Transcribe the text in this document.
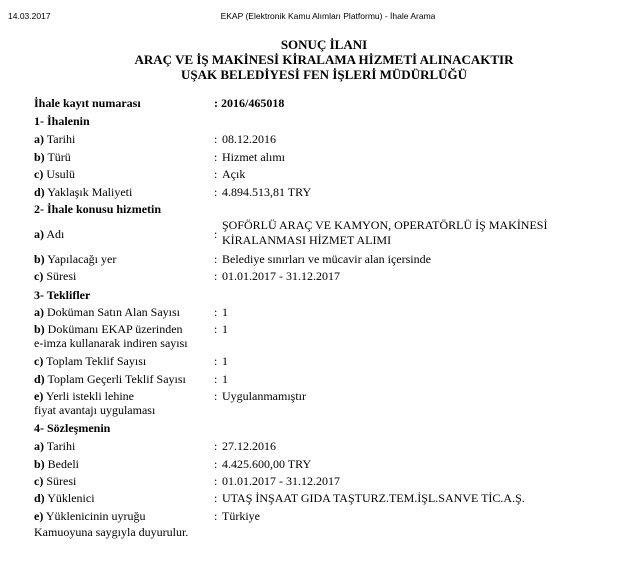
14.03.2017	EKAP (Elektronik Kamu Alımları Platformu) - İhale Arama
SONUÇ İLANI
ARAÇ VE İŞ MAKİNESİ KİRALAMA HİZMETİ ALINACAKTIR
UŞAK BELEDİYESİ FEN İŞLERİ MÜDÜRLÜĞÜ
İhale kayıt numarası	: 2016/465018
1- İhalenin
a) Tarihi	: 08.12.2016
b) Türü	: Hizmet alımı
c) Usulü	: Açık
d) Yaklaşık Maliyeti	: 4.894.513,81 TRY
2- İhale konusu hizmetin
a) Adı	:
ŞOFÖRLÜ ARAÇ VE KAMYON, OPERATÖRLÜ İŞ MAKİNESİ
KİRALANMASI HİZMET ALIMI
b) Yapılacağı yer	: Belediye sınırları ve mücavir alan içersinde
c) Süresi	: 01.01.2017 - 31.12.2017
3- Teklifler
a) Doküman Satın Alan Sayısı	: 1
b) Dokümanı EKAP üzerinden	: 1
e-imza kullanarak indiren sayısı
c) Toplam Teklif Sayısı	: 1
d) Toplam Geçerli Teklif Sayısı : 1
e) Yerli istekli lehine	: Uygulanmamıştır
fiyat avantajı uygulaması
4- Sözleşmenin
a) Tarihi	: 27.12.2016
b) Bedeli	: 4.425.600,00 TRY
c) Süresi	: 01.01.2017 - 31.12.2017
d) Yüklenici	: UTAŞ İNŞAAT GIDA TAŞTURZ.TEM.İŞL.SANVE TİC.A.Ş.
e) Yüklenicinin uyruğu	: Türkiye
Kamuoyuna saygıyla duyurulur.
